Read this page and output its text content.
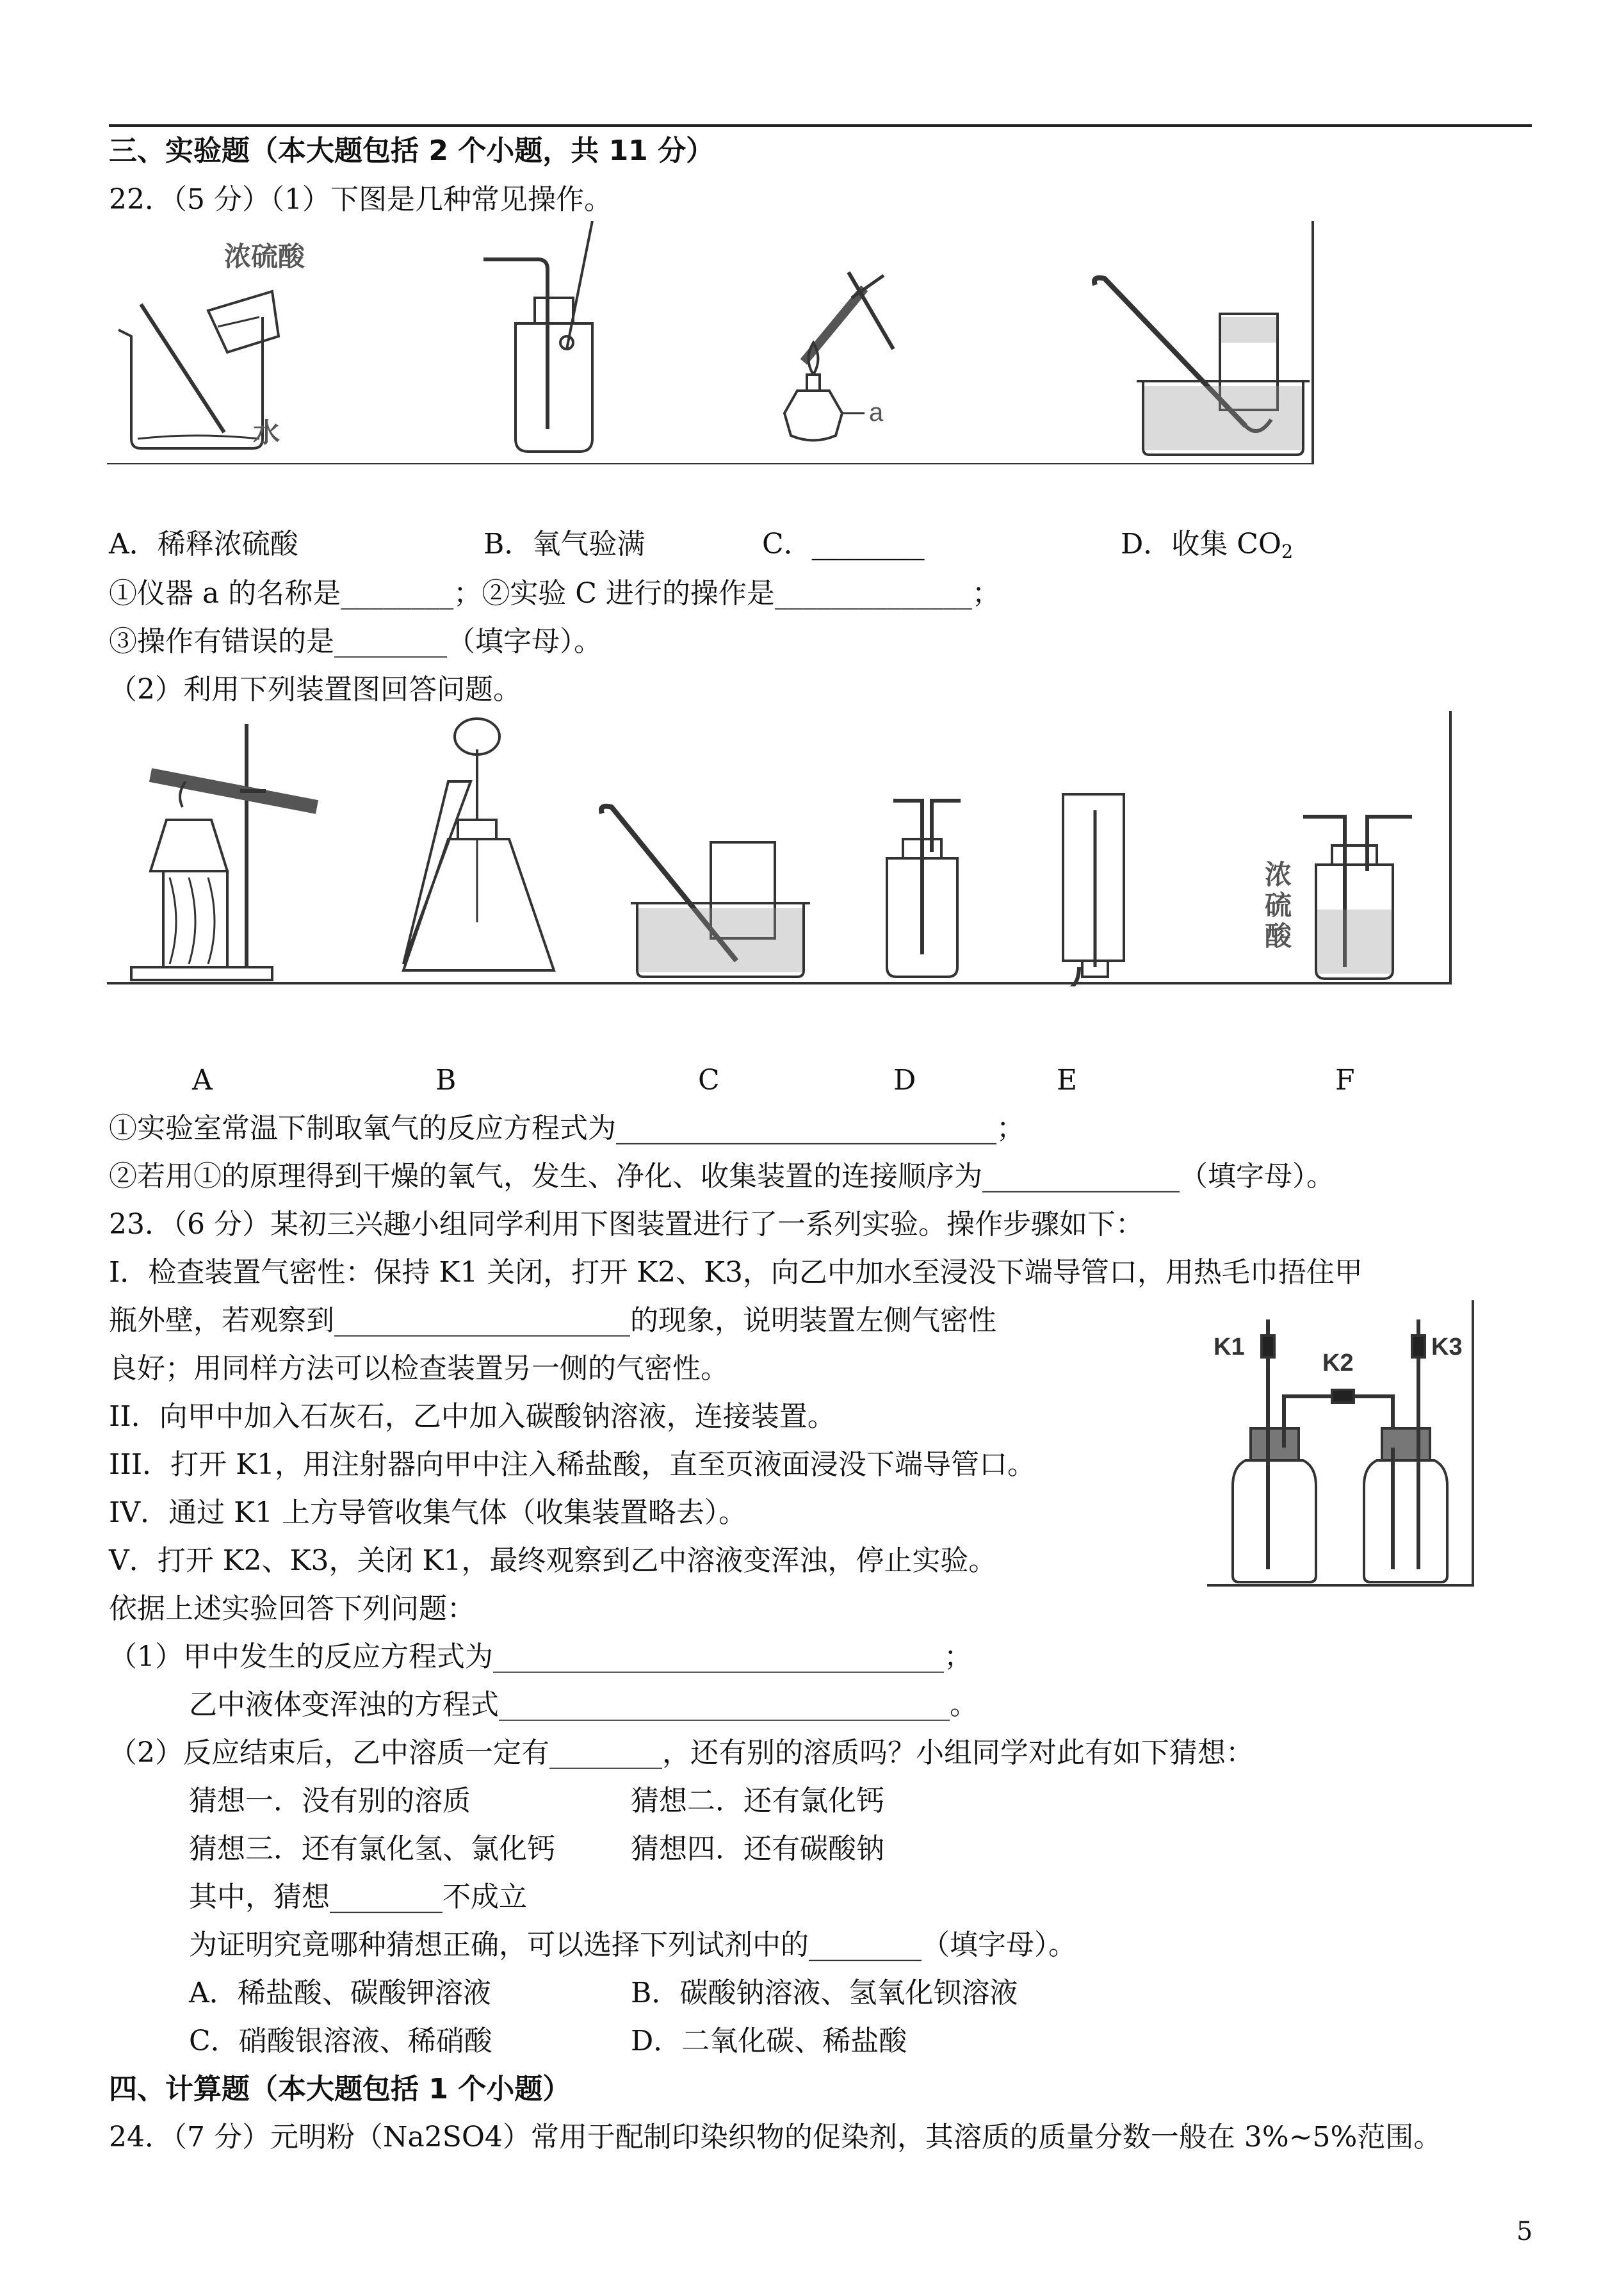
三、实验题（本大题包括 2 个小题，共 11 分）
22．（5 分）（1）下图是几种常见操作。
浓硫酸
水
a
A．稀释浓硫酸	B．氧气验满	C．________	D．收集 $CO_2$
①仪器 a 的名称是________；②实验 C 进行的操作是______________；
③操作有错误的是________（填字母）。
（2）利用下列装置图回答问题。
浓 硫 酸
A	B	C	D	E	F
①实验室常温下制取氧气的反应方程式为___________________________；
②若用①的原理得到干燥的氧气，发生、净化、收集装置的连接顺序为______________（填字母）。
23．（6 分）某初三兴趣小组同学利用下图装置进行了一系列实验。操作步骤如下：
I．检查装置气密性：保持 K1 关闭，打开 K2、K3，向乙中加水至浸没下端导管口，用热毛巾捂住甲
瓶外壁，若观察到_____________________的现象，说明装置左侧气密性
良好；用同样方法可以检查装置另一侧的气密性。
II．向甲中加入石灰石，乙中加入碳酸钠溶液，连接装置。
III．打开 K1，用注射器向甲中注入稀盐酸，直至页液面浸没下端导管口。
IV．通过 K1 上方导管收集气体（收集装置略去）。
V．打开 K2、K3，关闭 K1，最终观察到乙中溶液变浑浊，停止实验。
依据上述实验回答下列问题：
（1）甲中发生的反应方程式为________________________________；
乙中液体变浑浊的方程式________________________________。
（2）反应结束后，乙中溶质一定有________，还有别的溶质吗？小组同学对此有如下猜想：
猜想一．没有别的溶质	猜想二．还有氯化钙
猜想三．还有氯化氢、氯化钙	猜想四．还有碳酸钠
其中，猜想________不成立
为证明究竟哪种猜想正确，可以选择下列试剂中的________（填字母）。
A．稀盐酸、碳酸钾溶液	B．碳酸钠溶液、氢氧化钡溶液
C．硝酸银溶液、稀硝酸	D．二氧化碳、稀盐酸
K1
K2
K3
四、计算题（本大题包括 1 个小题）
24．（7 分）元明粉（Na2SO4）常用于配制印染织物的促染剂，其溶质的质量分数一般在 3%~5%范围。
5
